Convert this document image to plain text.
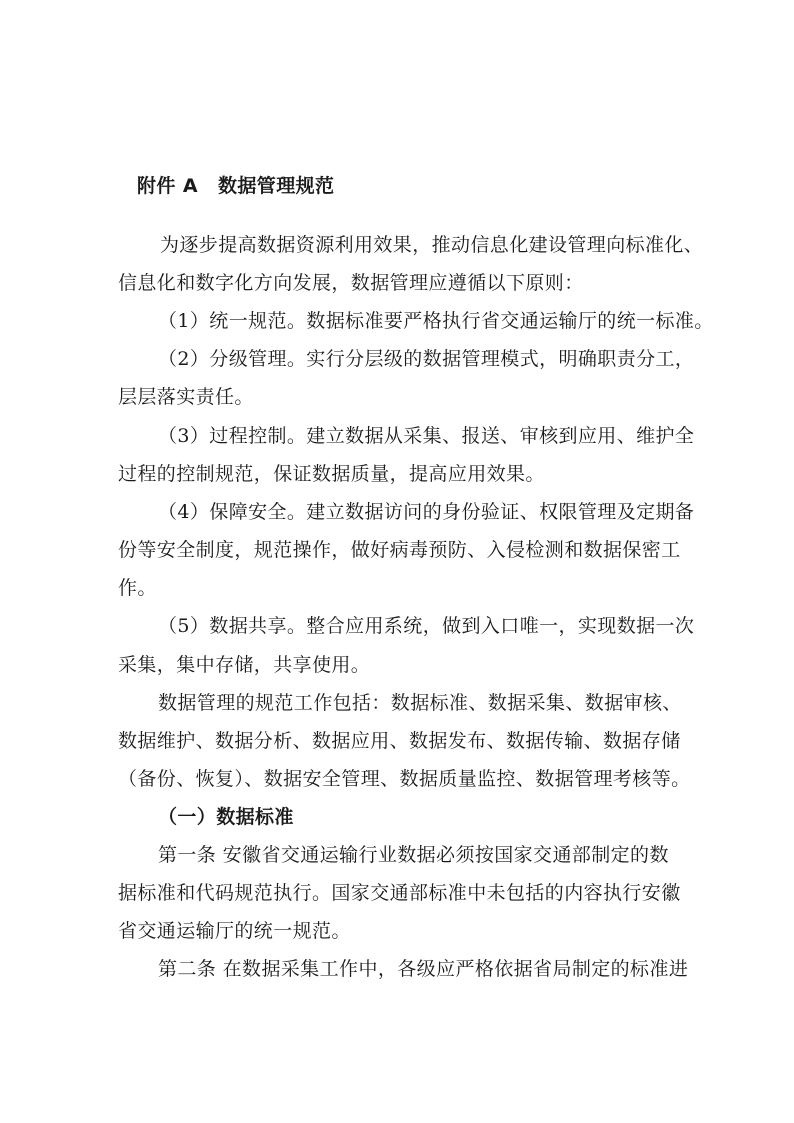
附件 A 数据管理规范
为逐步提高数据资源利用效果，推动信息化建设管理向标准化、
信息化和数字化方向发展，数据管理应遵循以下原则：
（1）统一规范。数据标准要严格执行省交通运输厅的统一标准。
（2）分级管理。实行分层级的数据管理模式，明确职责分工，
层层落实责任。
（3）过程控制。建立数据从采集、报送、审核到应用、维护全
过程的控制规范，保证数据质量，提高应用效果。
（4）保障安全。建立数据访问的身份验证、权限管理及定期备
份等安全制度，规范操作，做好病毒预防、入侵检测和数据保密工
作。
（5）数据共享。整合应用系统，做到入口唯一，实现数据一次
采集，集中存储，共享使用。
数据管理的规范工作包括：数据标准、数据采集、数据审核、
数据维护、数据分析、数据应用、数据发布、数据传输、数据存储
（备份、恢复）、数据安全管理、数据质量监控、数据管理考核等。
（一）数据标准
第一条 安徽省交通运输行业数据必须按国家交通部制定的数
据标准和代码规范执行。国家交通部标准中未包括的内容执行安徽
省交通运输厅的统一规范。
第二条 在数据采集工作中，各级应严格依据省局制定的标准进
